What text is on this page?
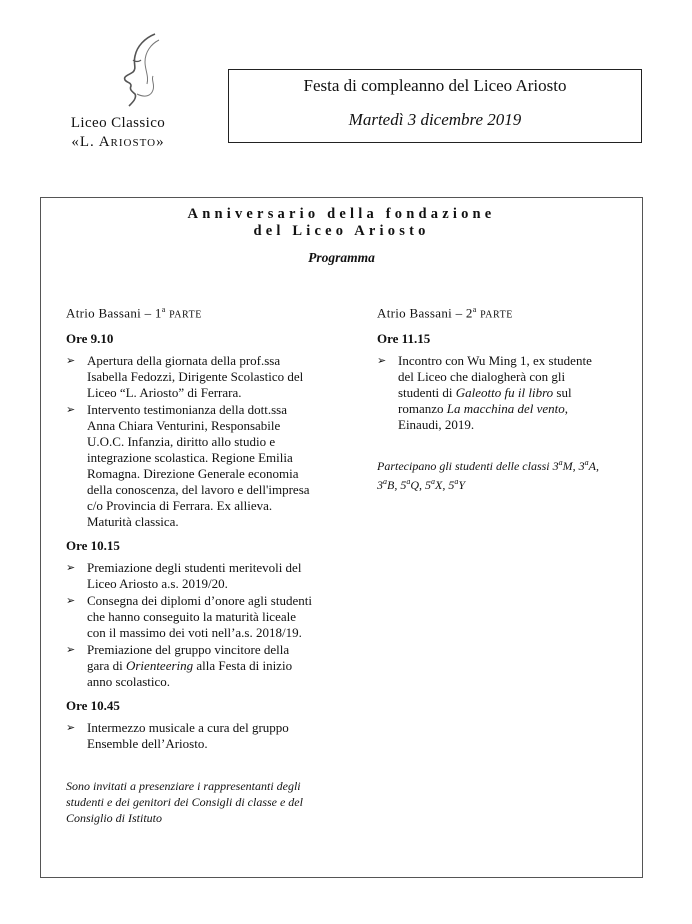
Liceo Classico
«L. Ariosto»
Festa di compleanno del Liceo Ariosto
Martedì 3 dicembre 2019
Anniversario della fondazione
del Liceo Ariosto
Programma
Atrio Bassani – 1$^a$ PARTE
Ore 9.10
➢ Apertura della giornata della prof.ssa Isabella Fedozzi, Dirigente Scolastico del Liceo “L. Ariosto” di Ferrara.
➢ Intervento testimonianza della dott.ssa Anna Chiara Venturini, Responsabile U.O.C. Infanzia, diritto allo studio e integrazione scolastica. Regione Emilia Romagna. Direzione Generale economia della conoscenza, del lavoro e dell'impresa c/o Provincia di Ferrara. Ex allieva. Maturità classica.
Ore 10.15
➢ Premiazione degli studenti meritevoli del Liceo Ariosto a.s. 2019/20.
➢ Consegna dei diplomi d’onore agli studenti che hanno conseguito la maturità liceale con il massimo dei voti nell’a.s. 2018/19.
➢ Premiazione del gruppo vincitore della gara di Orienteering alla Festa di inizio anno scolastico.
Ore 10.45
➢ Intermezzo musicale a cura del gruppo Ensemble dell’Ariosto.
Sono invitati a presenziare i rappresentanti degli studenti e dei genitori dei Consigli di classe e del Consiglio di Istituto
Atrio Bassani – 2$^a$ PARTE
Ore 11.15
➢ Incontro con Wu Ming 1, ex studente del Liceo che dialogherà con gli studenti di Galeotto fu il libro sul romanzo La macchina del vento, Einaudi, 2019.
Partecipano gli studenti delle classi 3$^a$M, 3$^a$A, 3$^a$B, 5$^a$Q, 5$^a$X, 5$^a$Y
